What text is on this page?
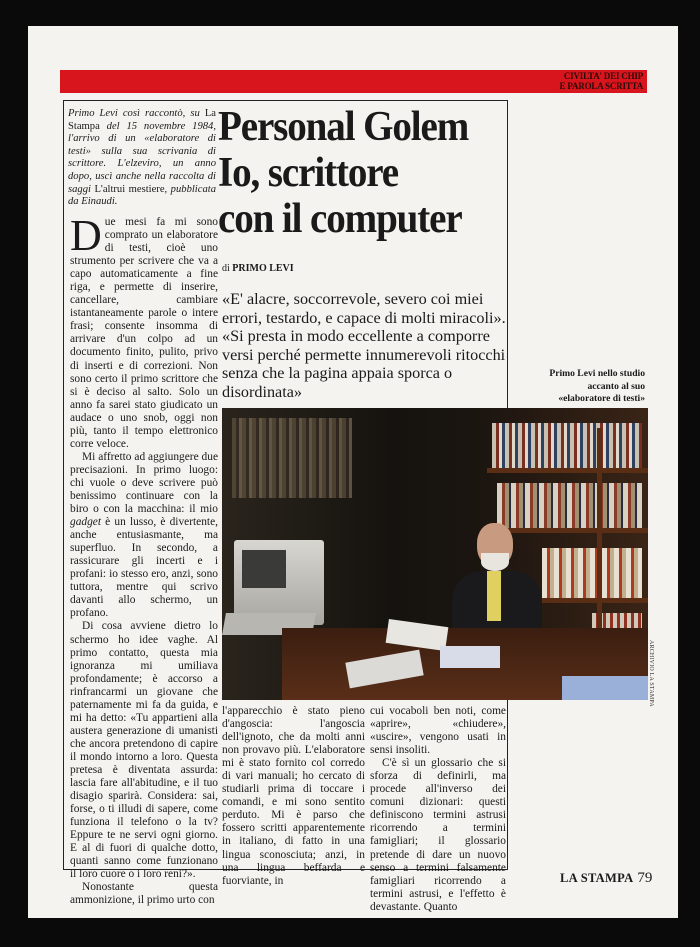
CIVILTA' DEI CHIP
E PAROLA SCRITTA
Primo Levi così raccontò, su La Stampa del 15 novembre 1984, l'arrivo di un «elaboratore di testi» sulla sua scrivania di scrittore. L'elzeviro, un anno dopo, uscì anche nella raccolta di saggi L'altrui mestiere, pubblicata da Einaudi.
Personal Golem
Io, scrittore
con il computer
di PRIMO LEVI
«E' alacre, soccorrevole, severo coi miei errori, testardo, e capace di molti miracoli». «Si presta in modo eccellente a comporre versi perché permette innumerevoli ritocchi senza che la pagina appaia sporca o disordinata»
Primo Levi nello studio
accanto al suo
«elaboratore di testi»
ARCHIVIO LA STAMPA

Due mesi fa mi sono comprato un elaboratore di testi, cioè uno strumento per scrivere che va a capo automaticamente a fine riga, e permette di inserire, cancellare, cambiare istantaneamente parole o intere frasi; consente insomma di arrivare d'un colpo ad un documento finito, pulito, privo di inserti e di correzioni. Non sono certo il primo scrittore che si è deciso al salto. Solo un anno fa sarei stato giudicato un audace o uno snob, oggi non più, tanto il tempo elettronico corre veloce.

Mi affretto ad aggiungere due precisazioni. In primo luogo: chi vuole o deve scrivere può benissimo continuare con la biro o con la macchina: il mio gadget è un lusso, è divertente, anche entusiasmante, ma superfluo. In secondo, a rassicurare gli incerti e i profani: io stesso ero, anzi, sono tuttora, mentre qui scrivo davanti allo schermo, un profano.

Di cosa avviene dietro lo schermo ho idee vaghe. Al primo contatto, questa mia ignoranza mi umiliava profondamente; è accorso a rinfrancarmi un giovane che paternamente mi fa da guida, e mi ha detto: «Tu appartieni alla austera generazione di umanisti che ancora pretendono di capire il mondo intorno a loro. Questa pretesa è diventata assurda: lascia fare all'abitudine, e il tuo disagio sparirà. Considera: sai, forse, o ti illudi di sapere, come funziona il telefono o la tv? Eppure te ne servi ogni giorno. E al di fuori di qualche dotto, quanti sanno come funzionano il loro cuore o i loro reni?».

Nonostante questa ammonizione, il primo urto con

l'apparecchio è stato pieno d'angoscia: l'angoscia dell'ignoto, che da molti anni non provavo più. L'elaboratore mi è stato fornito col corredo di vari manuali; ho cercato di studiarli prima di toccare i comandi, e mi sono sentito perduto. Mi è parso che fossero scritti apparentemente in italiano, di fatto in una lingua sconosciuta; anzi, in una lingua beffarda e fuorviante, in

cui vocaboli ben noti, come «aprire», «chiudere», «uscire», vengono usati in sensi insoliti.

C'è sì un glossario che si sforza di definirli, ma procede all'inverso dei comuni dizionari: questi definiscono termini astrusi ricorrendo a termini famigliari; il glossario pretende di dare un nuovo senso a termini falsamente famigliari ricorrendo a termini astrusi, e l'effetto è devastante. Quanto

LA STAMPA 79
